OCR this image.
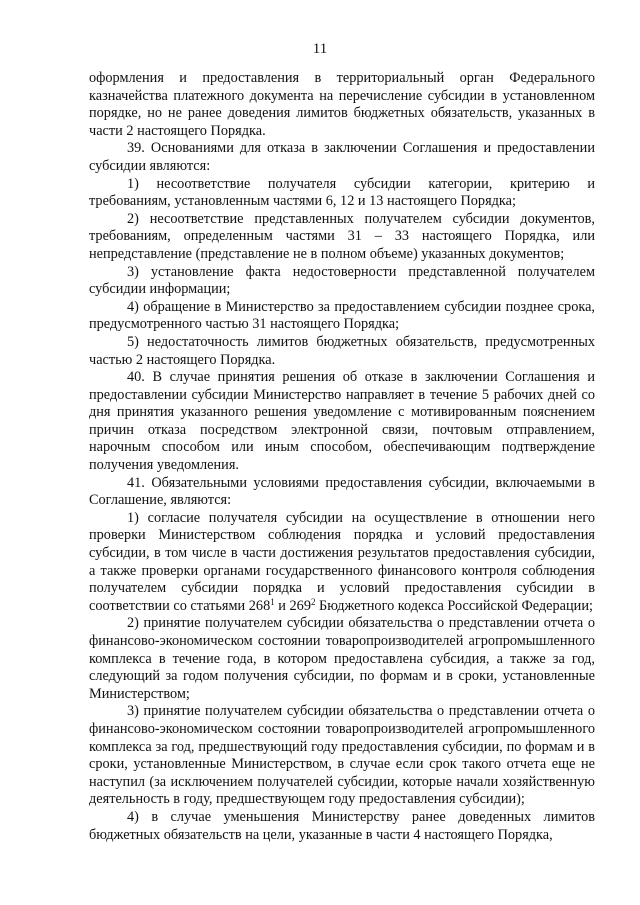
11

оформления и предоставления в территориальный орган Федерального казначейства платежного документа на перечисление субсидии в установленном порядке, но не ранее доведения лимитов бюджетных обязательств, указанных в части 2 настоящего Порядка.

39. Основаниями для отказа в заключении Соглашения и предоставлении субсидии являются:

1) несоответствие получателя субсидии категории, критерию и требованиям, установленным частями 6, 12 и 13 настоящего Порядка;

2) несоответствие представленных получателем субсидии документов, требованиям, определенным частями 31 – 33 настоящего Порядка, или непредставление (представление не в полном объеме) указанных документов;

3) установление факта недостоверности представленной получателем субсидии информации;

4) обращение в Министерство за предоставлением субсидии позднее срока, предусмотренного частью 31 настоящего Порядка;

5) недостаточность лимитов бюджетных обязательств, предусмотренных частью 2 настоящего Порядка.

40. В случае принятия решения об отказе в заключении Соглашения и предоставлении субсидии Министерство направляет в течение 5 рабочих дней со дня принятия указанного решения уведомление с мотивированным пояснением причин отказа посредством электронной связи, почтовым отправлением, нарочным способом или иным способом, обеспечивающим подтверждение получения уведомления.

41. Обязательными условиями предоставления субсидии, включаемыми в Соглашение, являются:

1) согласие получателя субсидии на осуществление в отношении него проверки Министерством соблюдения порядка и условий предоставления субсидии, в том числе в части достижения результатов предоставления субсидии, а также проверки органами государственного финансового контроля соблюдения получателем субсидии порядка и условий предоставления субсидии в соответствии со статьями $268^1$ и $269^2$ Бюджетного кодекса Российской Федерации;

2) принятие получателем субсидии обязательства о представлении отчета о финансово-экономическом состоянии товаропроизводителей агропромышленного комплекса в течение года, в котором предоставлена субсидия, а также за год, следующий за годом получения субсидии, по формам и в сроки, установленные Министерством;

3) принятие получателем субсидии обязательства о представлении отчета о финансово-экономическом состоянии товаропроизводителей агропромышленного комплекса за год, предшествующий году предоставления субсидии, по формам и в сроки, установленные Министерством, в случае если срок такого отчета еще не наступил (за исключением получателей субсидии, которые начали хозяйственную деятельность в году, предшествующем году предоставления субсидии);

4) в случае уменьшения Министерству ранее доведенных лимитов бюджетных обязательств на цели, указанные в части 4 настоящего Порядка,
